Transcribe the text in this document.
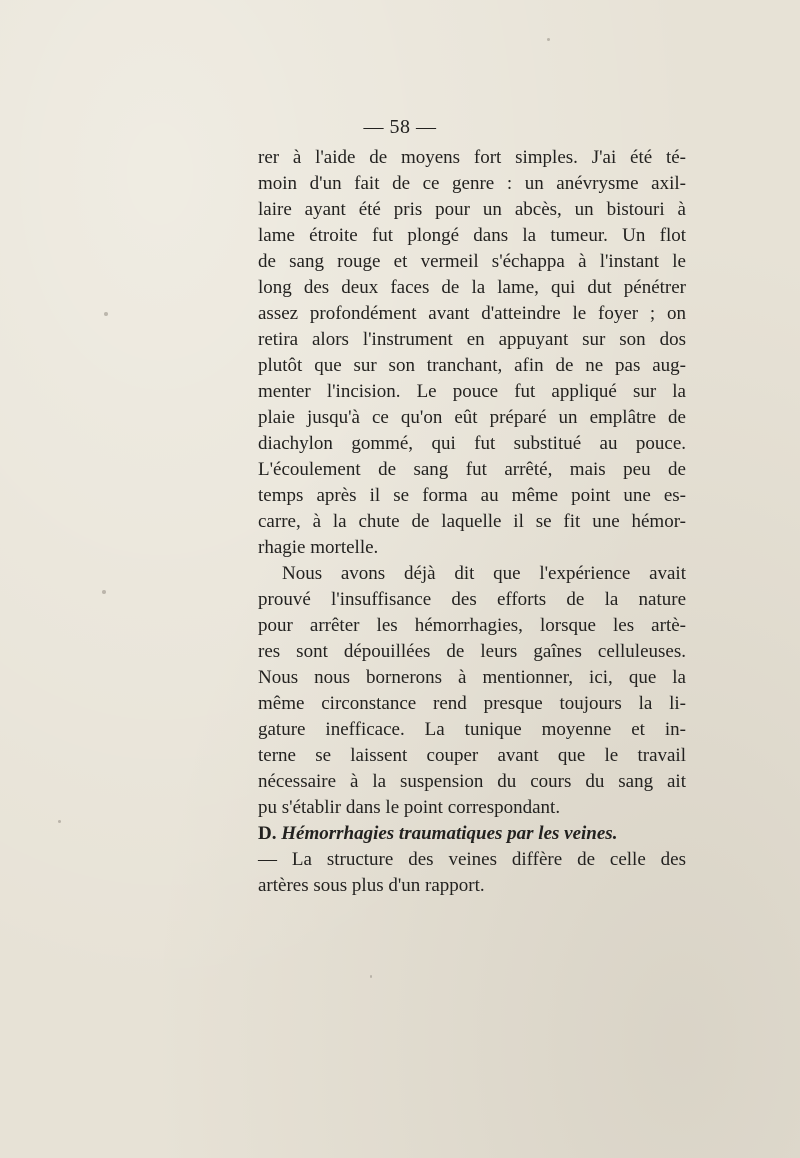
— 58 —
rer à l'aide de moyens fort simples. J'ai été té-
moin d'un fait de ce genre : un anévrysme axil-
laire ayant été pris pour un abcès, un bistouri à
lame étroite fut plongé dans la tumeur. Un flot
de sang rouge et vermeil s'échappa à l'instant le
long des deux faces de la lame, qui dut pénétrer
assez profondément avant d'atteindre le foyer ; on
retira alors l'instrument en appuyant sur son dos
plutôt que sur son tranchant, afin de ne pas aug-
menter l'incision. Le pouce fut appliqué sur la
plaie jusqu'à ce qu'on eût préparé un emplâtre de
diachylon gommé, qui fut substitué au pouce.
L'écoulement de sang fut arrêté, mais peu de
temps après il se forma au même point une es-
carre, à la chute de laquelle il se fit une hémor-
rhagie mortelle.
Nous avons déjà dit que l'expérience avait
prouvé l'insuffisance des efforts de la nature
pour arrêter les hémorrhagies, lorsque les artè-
res sont dépouillées de leurs gaînes celluleuses.
Nous nous bornerons à mentionner, ici, que la
même circonstance rend presque toujours la li-
gature inefficace. La tunique moyenne et in-
terne se laissent couper avant que le travail
nécessaire à la suspension du cours du sang ait
pu s'établir dans le point correspondant.
D. Hémorrhagies traumatiques par les veines.
— La structure des veines diffère de celle des
artères sous plus d'un rapport.
